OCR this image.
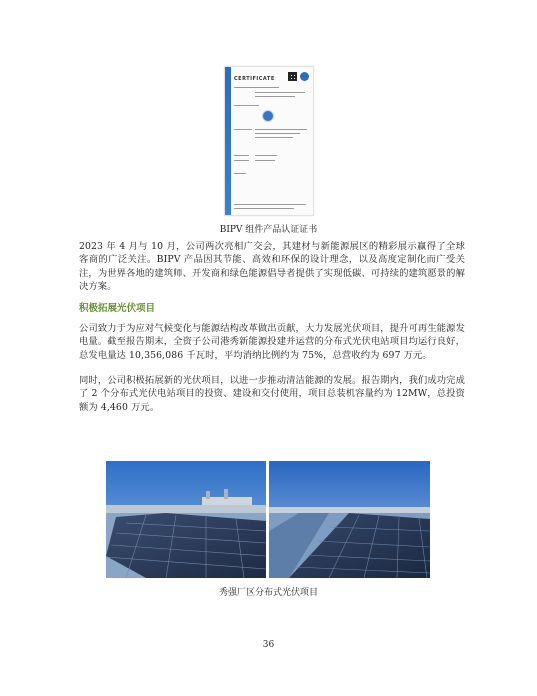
CERTIFICATE
BIPV 组件产品认证证书

2023 年 4 月与 10 月，公司两次亮相广交会，其建材与新能源展区的精彩展示赢得了全球客商的广泛关注。BIPV 产品因其节能、高效和环保的设计理念，以及高度定制化而广受关注，为世界各地的建筑师、开发商和绿色能源倡导者提供了实现低碳、可持续的建筑愿景的解决方案。

积极拓展光伏项目

公司致力于为应对气候变化与能源结构改革做出贡献，大力发展光伏项目，提升可再生能源发电量。截至报告期末，全资子公司港秀新能源投建并运营的分布式光伏电站项目均运行良好，总发电量达 10,356,086 千瓦时，平均消纳比例约为 75%，总营收约为 697 万元。

同时，公司积极拓展新的光伏项目，以进一步推动清洁能源的发展。报告期内，我们成功完成了 2 个分布式光伏电站项目的投资、建设和交付使用，项目总装机容量约为 12MW，总投资额为 4,460 万元。

秀强厂区分布式光伏项目
36
